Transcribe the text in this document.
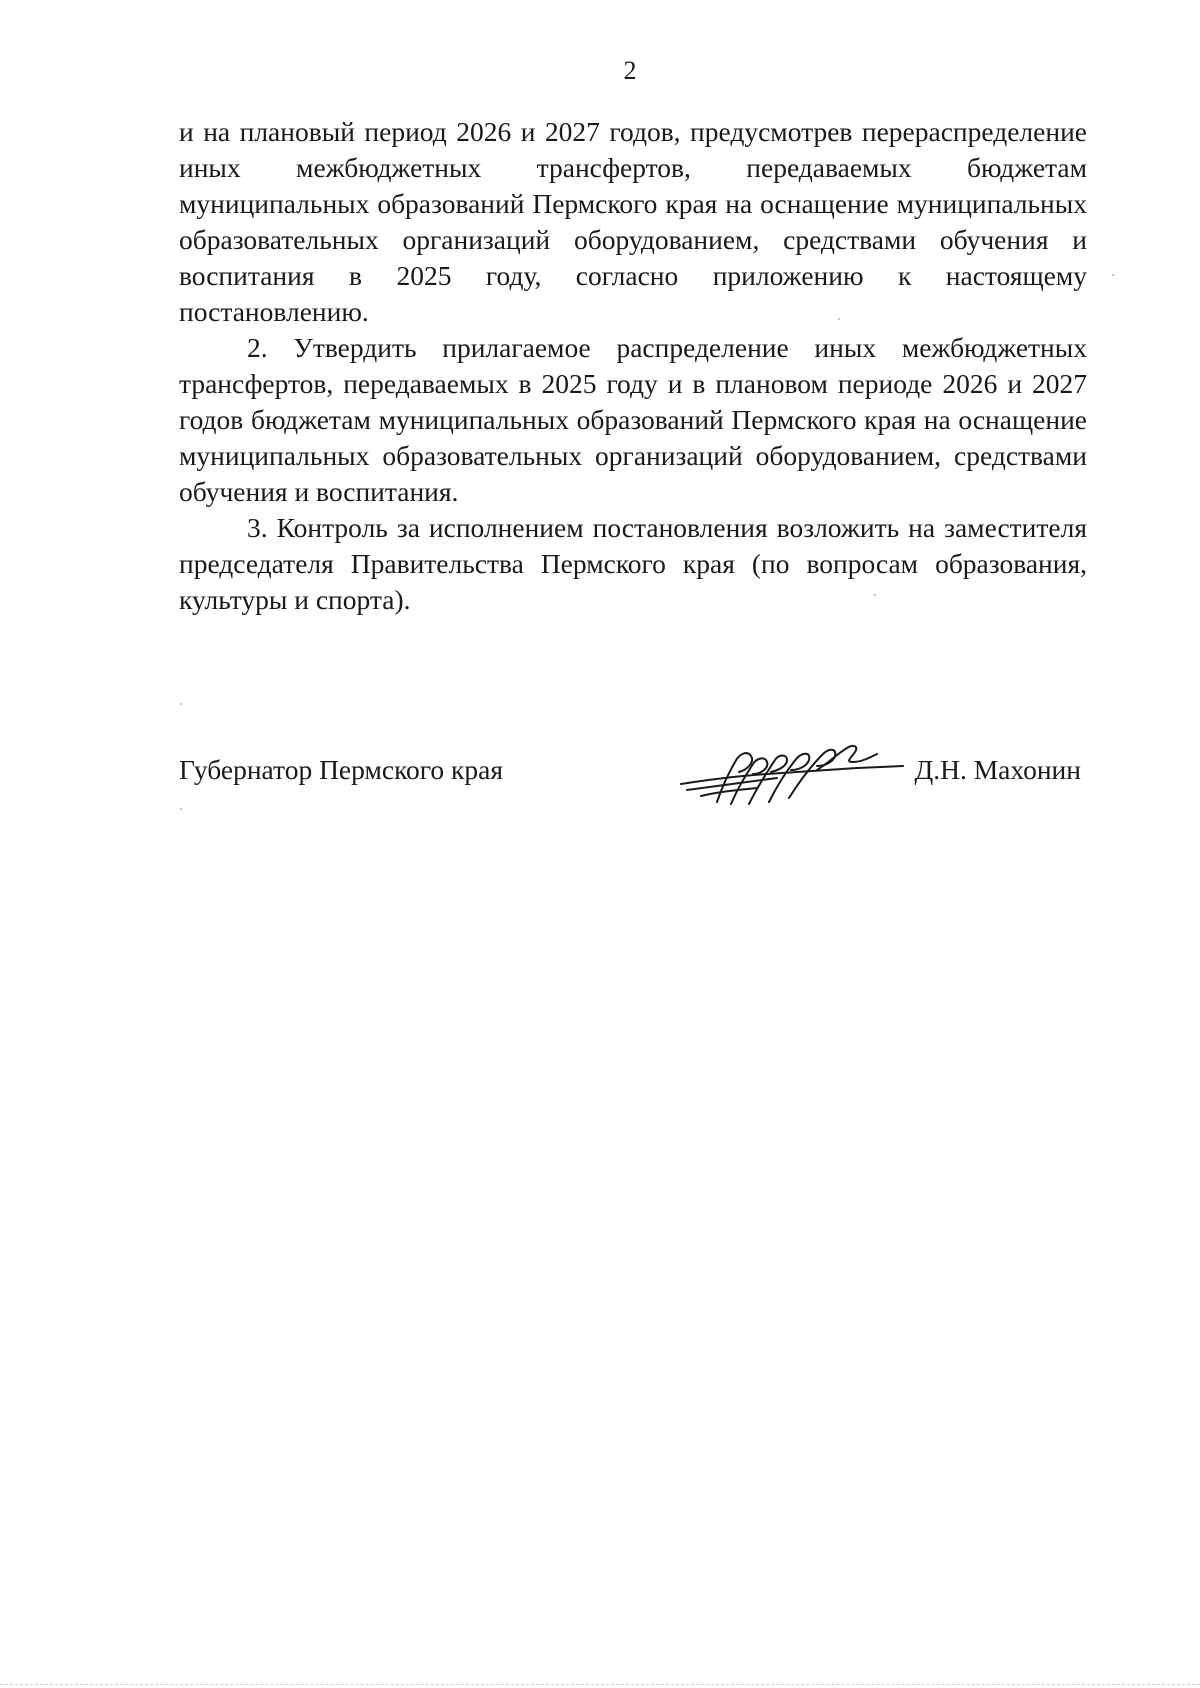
2

и на плановый период 2026 и 2027 годов, предусмотрев перераспределение иных межбюджетных трансфертов, передаваемых бюджетам муниципальных образований Пермского края на оснащение муниципальных образовательных организаций оборудованием, средствами обучения и воспитания в 2025 году, согласно приложению к настоящему постановлению.

2. Утвердить прилагаемое распределение иных межбюджетных трансфертов, передаваемых в 2025 году и в плановом периоде 2026 и 2027 годов бюджетам муниципальных образований Пермского края на оснащение муниципальных образовательных организаций оборудованием, средствами обучения и воспитания.

3. Контроль за исполнением постановления возложить на заместителя председателя Правительства Пермского края (по вопросам образования, культуры и спорта).

Губернатор Пермского края	Д.Н. Махонин
